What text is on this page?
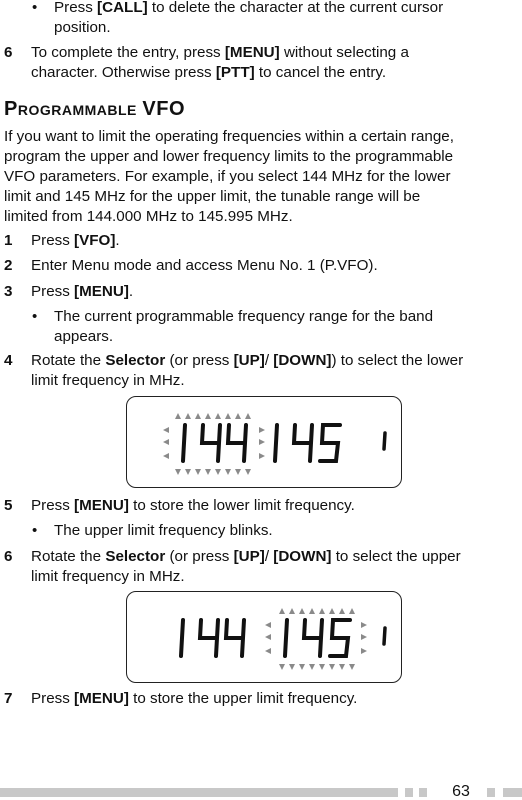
• Press [CALL] to delete the character at the current cursor
position.
6 To complete the entry, press [MENU] without selecting a
character. Otherwise press [PTT] to cancel the entry.
PROGRAMMABLE VFO
If you want to limit the operating frequencies within a certain range,
program the upper and lower frequency limits to the programmable
VFO parameters. For example, if you select 144 MHz for the lower
limit and 145 MHz for the upper limit, the tunable range will be
limited from 144.000 MHz to 145.995 MHz.
1 Press [VFO].
2 Enter Menu mode and access Menu No. 1 (P.VFO).
3 Press [MENU].
• The current programmable frequency range for the band
appears.
4 Rotate the Selector (or press [UP]/ [DOWN]) to select the lower
limit frequency in MHz.
5 Press [MENU] to store the lower limit frequency.
• The upper limit frequency blinks.
6 Rotate the Selector (or press [UP]/ [DOWN] to select the upper
limit frequency in MHz.
7 Press [MENU] to store the upper limit frequency.
63
